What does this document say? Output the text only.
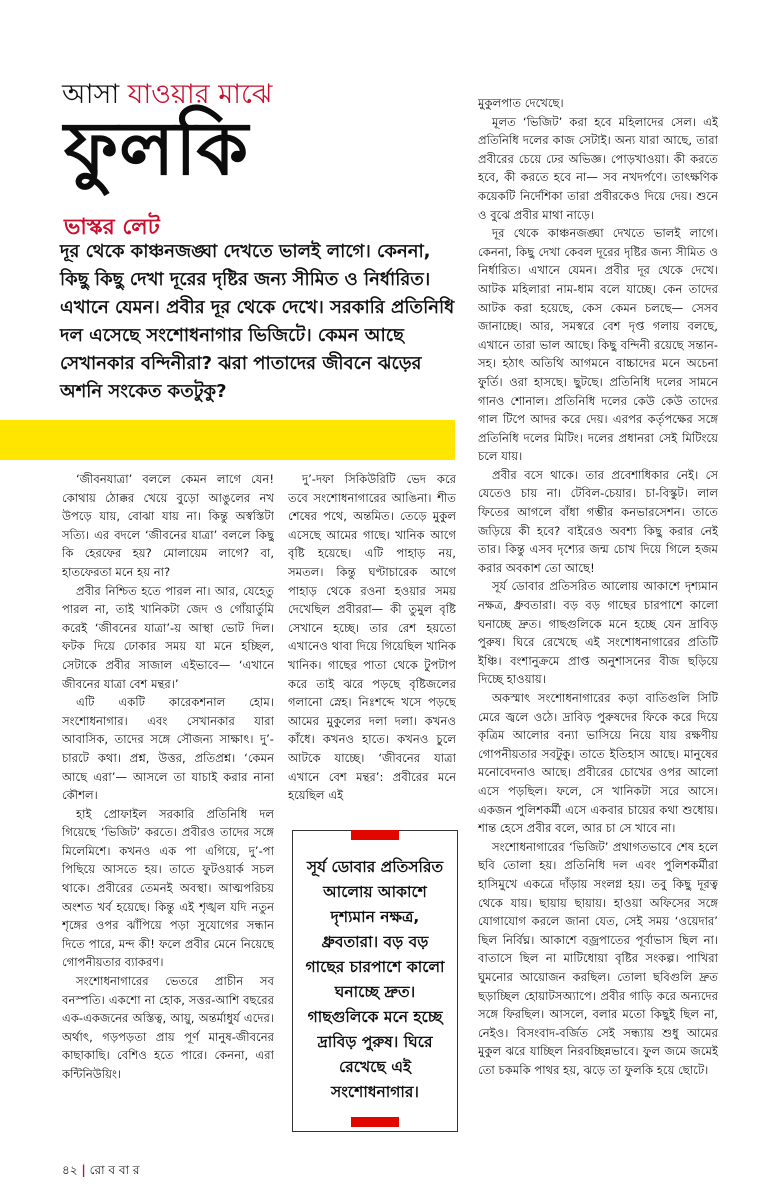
আসা যাওয়ার মাঝে
ফুলকি
ভাস্কর লেট

দূর থেকে কাঞ্চনজঙ্ঘা দেখতে ভালই লাগে। কেননা, কিছু কিছু দেখা দূরের দৃষ্টির জন্য সীমিত ও নির্ধারিত। এখানে যেমন। প্রবীর দূর থেকে দেখে। সরকারি প্রতিনিধি দল এসেছে সংশোধনাগার ভিজিটে। কেমন আছে সেখানকার বন্দিনীরা? ঝরা পাতাদের জীবনে ঝড়ের অশনি সংকেত কতটুকু?

‘জীবনযাত্রা’ বললে কেমন লাগে যেন! কোথায় ঠোক্কর খেয়ে বুড়ো আঙুলের নখ উপড়ে যায়, বোঝা যায় না। কিন্তু অস্বস্তিটা সত্যি। এর বদলে ‘জীবনের যাত্রা’ বললে কিছু কি হেরফের হয়? মোলায়েম লাগে? বা, হাতফেরতা মনে হয় না?

প্রবীর নিশ্চিত হতে পারল না। আর, যেহেতু পারল না, তাই খানিকটা জেদ ও গোঁয়ার্তুমি করেই ‘জীবনের যাত্রা’-য় আস্থা ভোট দিল। ফটক দিয়ে ঢোকার সময় যা মনে হচ্ছিল, সেটাকে প্রবীর সাজাল এইভাবে— ‘এখানে জীবনের যাত্রা বেশ মন্থর।’

এটি একটি কারেকশনাল হোম। সংশোধনাগার। এবং সেখানকার যারা আবাসিক, তাদের সঙ্গে সৌজন্য সাক্ষাৎ। দু’-চারটে কথা। প্রশ্ন, উত্তর, প্রতিপ্রশ্ন। ‘কেমন আছে এরা’— আসলে তা যাচাই করার নানা কৌশল।

হাই প্রোফাইল সরকারি প্রতিনিধি দল গিয়েছে ‘ভিজিট’ করতে। প্রবীরও তাদের সঙ্গে মিলেমিশে। কখনও এক পা এগিয়ে, দু’-পা পিছিয়ে আসতে হয়। তাতে ফুটওয়ার্ক সচল থাকে। প্রবীরের তেমনই অবস্থা। আত্মপরিচয় অংশত খর্ব হয়েছে। কিন্তু এই শৃঙ্খল যদি নতুন শৃঙ্গের ওপর ঝাঁপিয়ে পড়া সুযোগের সন্ধান দিতে পারে, মন্দ কী! ফলে প্রবীর মেনে নিয়েছে গোপনীয়তার ব্যাকরণ।

সংশোধনাগারের ভেতরে প্রাচীন সব বনস্পতি। একশো না হোক, সত্তর-আশি বছরের এক-একজনের অস্তিত্ব, আয়ু, অন্তর্মাধুর্য এদের। অর্থাৎ, গড়পড়তা প্রায় পূর্ণ মানুষ-জীবনের কাছাকাছি। বেশিও হতে পারে। কেননা, এরা কন্টিনিউয়িং।

দু’-দফা সিকিউরিটি ভেদ করে তবে সংশোধনাগারের আঙিনা। শীত শেষের পথে, অন্তমিত। তেড়ে মুকুল এসেছে আমের গাছে। খানিক আগে বৃষ্টি হয়েছে। এটি পাহাড় নয়, সমতল। কিন্তু ঘণ্টাচারেক আগে পাহাড় থেকে রওনা হওয়ার সময় দেখেছিল প্রবীররা— কী তুমুল বৃষ্টি সেখানে হচ্ছে। তার রেশ হয়তো এখানেও থাবা দিয়ে গিয়েছিল খানিক খানিক। গাছের পাতা থেকে টুপটাপ করে তাই ঝরে পড়ছে বৃষ্টিজলের গলানো স্নেহ। নিঃশব্দে খসে পড়ছে আমের মুকুলের দলা দলা। কখনও কাঁধে। কখনও হাতে। কখনও চুলে আটকে যাচ্ছে। ‘জীবনের যাত্রা এখানে বেশ মন্থর’: প্রবীরের মনে হয়েছিল এই

সূর্য ডোবার প্রতিসরিত আলোয় আকাশে দৃশ্যমান নক্ষত্র, ধ্রুবতারা। বড় বড় গাছের চারপাশে কালো ঘনাচ্ছে দ্রুত। গাছগুলিকে মনে হচ্ছে দ্রাবিড় পুরুষ। ঘিরে রেখেছে এই সংশোধনাগার।

মুকুলপাত দেখেছে।

মূলত ‘ভিজিট’ করা হবে মহিলাদের সেল। এই প্রতিনিধি দলের কাজ সেটাই। অন্য যারা আছে, তারা প্রবীরের চেয়ে ঢের অভিজ্ঞ। পোড়খাওয়া। কী করতে হবে, কী করতে হবে না— সব নখদর্পণে। তাৎক্ষণিক কয়েকটি নির্দেশিকা তারা প্রবীরকেও দিয়ে দেয়। শুনে ও বুঝে প্রবীর মাথা নাড়ে।

দূর থেকে কাঞ্চনজঙ্ঘা দেখতে ভালই লাগে। কেননা, কিছু দেখা কেবল দূরের দৃষ্টির জন্য সীমিত ও নির্ধারিত। এখানে যেমন। প্রবীর দূর থেকে দেখে। আটক মহিলারা নাম-ধাম বলে যাচ্ছে। কেন তাদের আটক করা হয়েছে, কেস কেমন চলছে— সেসব জানাচ্ছে। আর, সমস্বরে বেশ দৃপ্ত গলায় বলছে, এখানে তারা ভাল আছে। কিছু বন্দিনী রয়েছে সন্তান-সহ। হঠাৎ অতিথি আগমনে বাচ্চাদের মনে অচেনা ফুর্তি। ওরা হাসছে। ছুটছে। প্রতিনিধি দলের সামনে গানও শোনাল। প্রতিনিধি দলের কেউ কেউ তাদের গাল টিপে আদর করে দেয়। এরপর কর্তৃপক্ষের সঙ্গে প্রতিনিধি দলের মিটিং। দলের প্রধানরা সেই মিটিংয়ে চলে যায়।

প্রবীর বসে থাকে। তার প্রবেশাধিকার নেই। সে যেতেও চায় না। টেবিল-চেয়ার। চা-বিস্কুট। লাল ফিতের আগলে বাঁধা গম্ভীর কনভারসেশন। তাতে জড়িয়ে কী হবে? বাইরেও অবশ্য কিছু করার নেই তার। কিন্তু এসব দৃশ্যের জন্ম চোখ দিয়ে গিলে হজম করার অবকাশ তো আছে!

সূর্য ডোবার প্রতিসরিত আলোয় আকাশে দৃশ্যমান নক্ষত্র, ধ্রুবতারা। বড় বড় গাছের চারপাশে কালো ঘনাচ্ছে দ্রুত। গাছগুলিকে মনে হচ্ছে যেন দ্রাবিড় পুরুষ। ঘিরে রেখেছে এই সংশোধনাগারের প্রতিটি ইঞ্চি। বংশানুক্রমে প্রাপ্ত অনুশাসনের বীজ ছড়িয়ে দিচ্ছে হাওয়ায়।

অকস্মাৎ সংশোধনাগারের কড়া বাতিগুলি সিটি মেরে জ্বলে ওঠে। দ্রাবিড় পুরুষদের ফিকে করে দিয়ে কৃত্রিম আলোর বন্যা ভাসিয়ে নিয়ে যায় রক্ষণীয় গোপনীয়তার সবটুকু। তাতে ইতিহাস আছে। মানুষের মনোবেদনাও আছে। প্রবীরের চোখের ওপর আলো এসে পড়ছিল। ফলে, সে খানিকটা সরে আসে। একজন পুলিশকর্মী এসে একবার চায়ের কথা শুধোয়। শান্ত হেসে প্রবীর বলে, আর চা সে খাবে না।

সংশোধনাগারের ‘ভিজিট’ প্রথাগতভাবে শেষ হলে ছবি তোলা হয়। প্রতিনিধি দল এবং পুলিশকর্মীরা হাসিমুখে একত্রে দাঁড়ায় সংলগ্ন হয়। তবু কিছু দূরত্ব থেকে যায়। ছায়ায় ছায়ায়। হাওয়া অফিসের সঙ্গে যোগাযোগ করলে জানা যেত, সেই সময় ‘ওয়েদার’ ছিল নির্বিঘ্ন। আকাশে বজ্রপাতের পূর্বাভাস ছিল না। বাতাসে ছিল না মাটিধোয়া বৃষ্টির সংকল্প। পাখিরা ঘুমনোর আয়োজন করছিল। তোলা ছবিগুলি দ্রুত ছড়াচ্ছিল হোয়াটসঅ্যাপে। প্রবীর গাড়ি করে অন্যদের সঙ্গে ফিরছিল। আসলে, বলার মতো কিছুই ছিল না, নেইও। বিসংবাদ-বর্জিত সেই সন্ধ্যায় শুধু আমের মুকুল ঝরে যাচ্ছিল নিরবচ্ছিন্নভাবে। ফুল জমে জমেই তো চকমকি পাথর হয়, ঝড়ে তা ফুলকি হয়ে ছোটে।

৪২ | রো ব বা র
